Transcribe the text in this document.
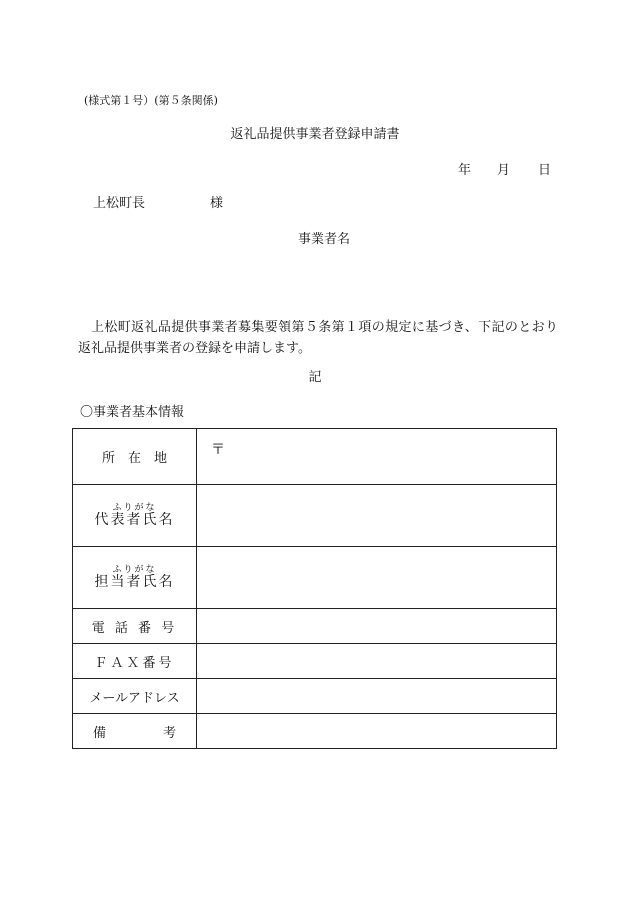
(様式第１号）(第５条関係)
返礼品提供事業者登録申請書
年 月 日
上松町長	様
事業者名
上松町返礼品提供事業者募集要領第５条第１項の規定に基づき、下記のとおり返礼品提供事業者の登録を申請します。
記
〇事業者基本情報
所　在　地	〒

ふりがな
代表者氏名	

ふりがな
担当者氏名	

電 話 番 号	
ＦＡＸ番号	
メールアドレス	

備 考	
